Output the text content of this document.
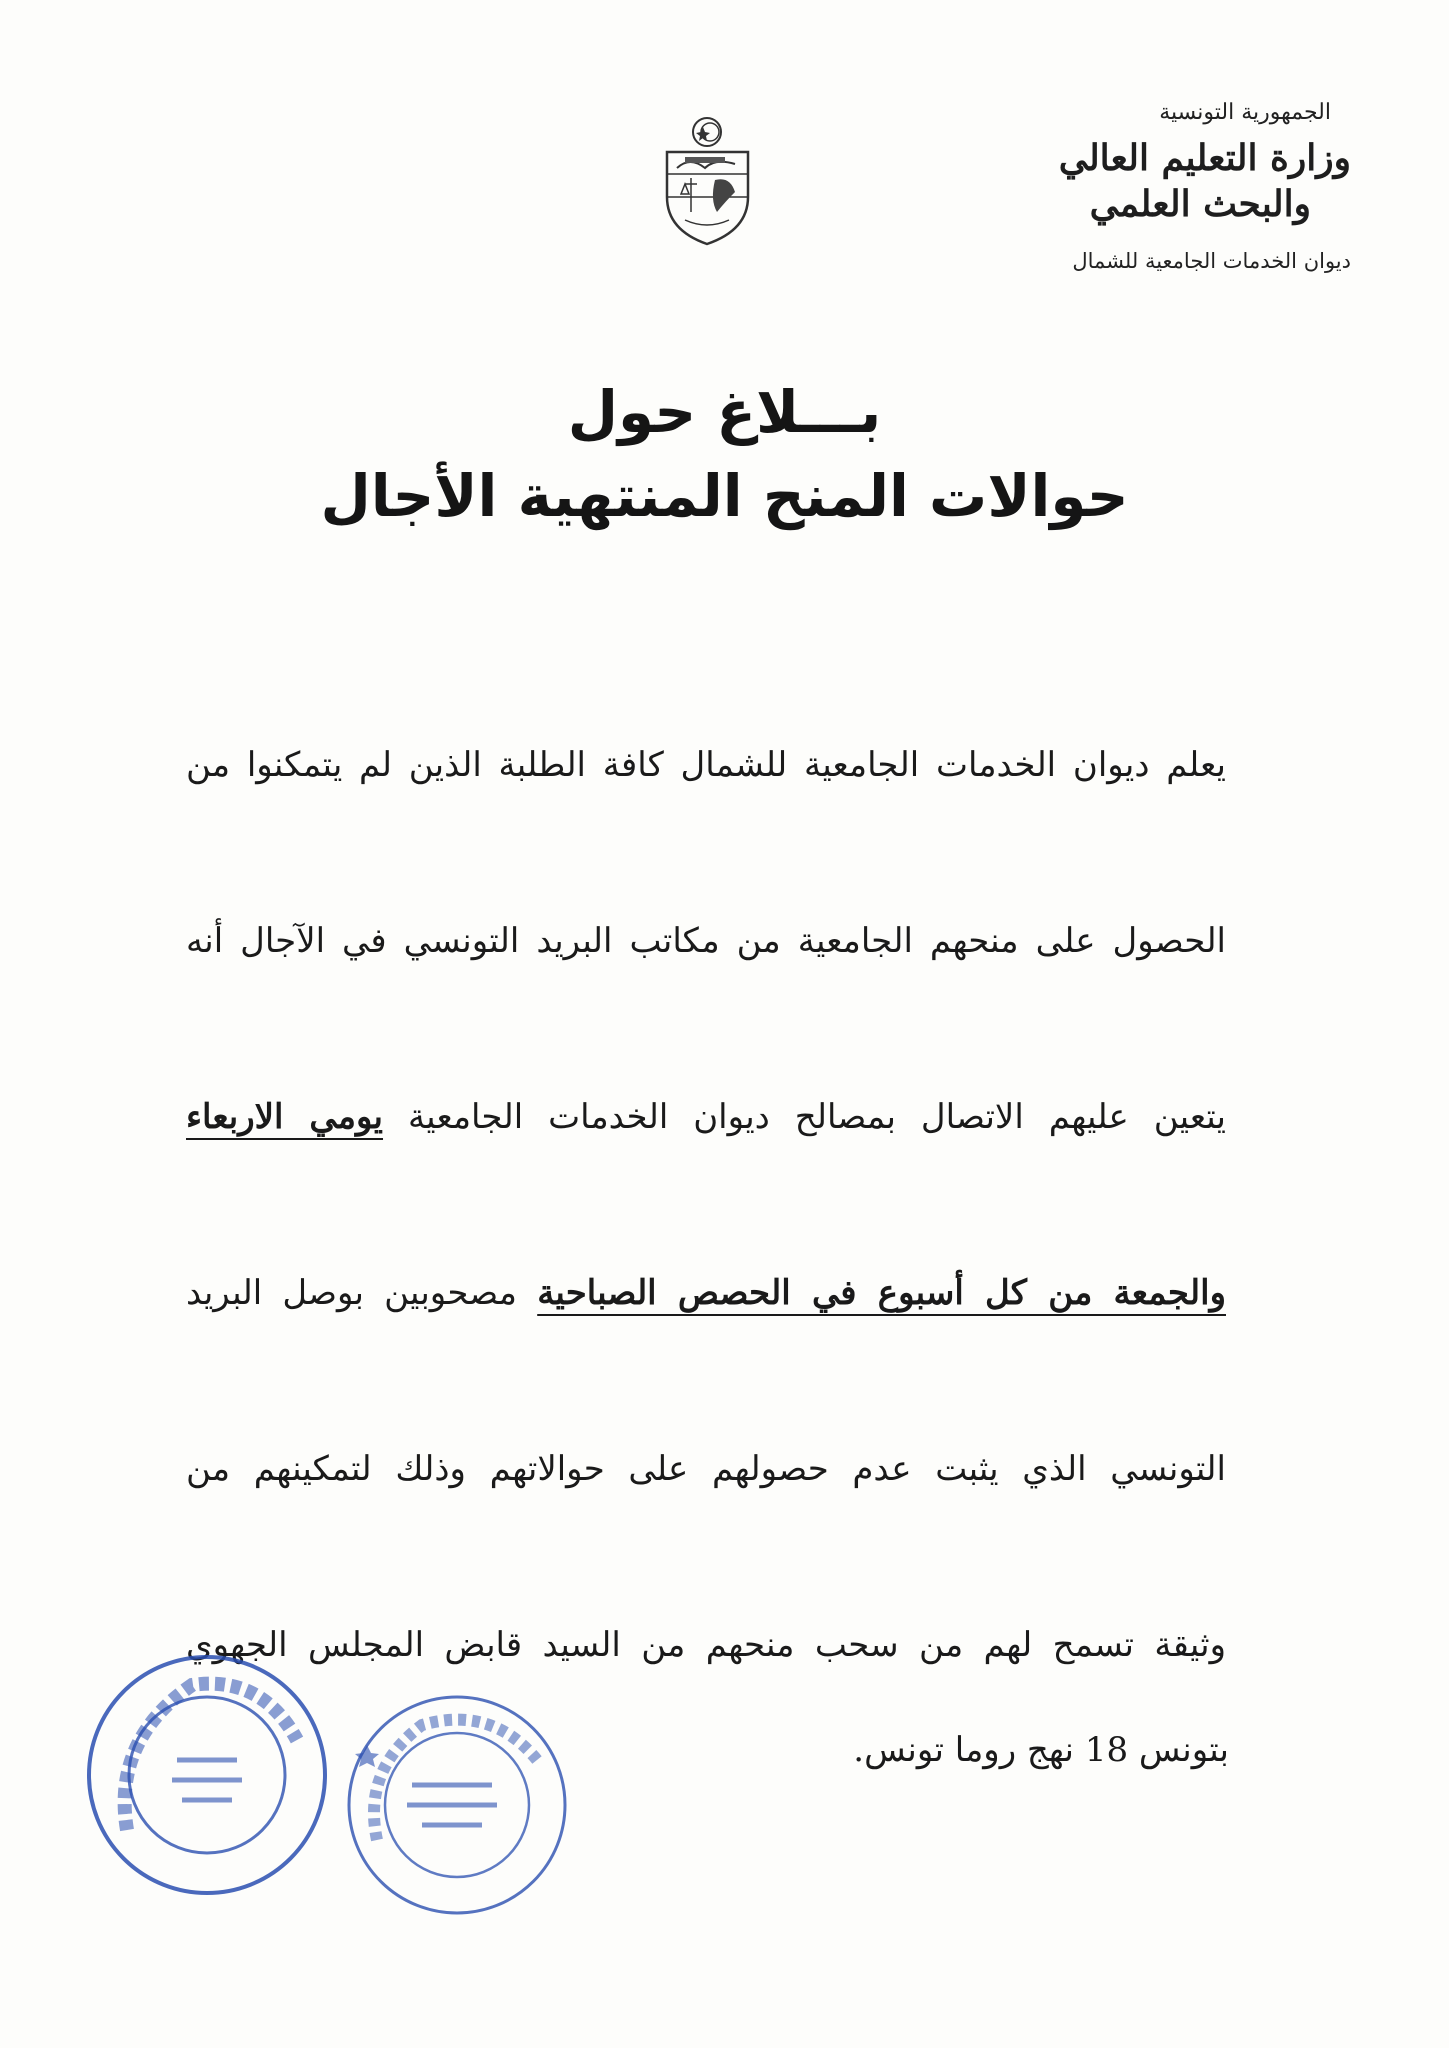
الجمهورية التونسية
وزارة التعليم العالي
والبحث العلمي
ديوان الخدمات الجامعية للشمال
بـــلاغ حول
حوالات المنح المنتهية الأجال
يعلم ديوان الخدمات الجامعية للشمال كافة الطلبة الذين لم يتمكنوا من
الحصول على منحهم الجامعية من مكاتب البريد التونسي في الآجال أنه
يتعين عليهم الاتصال بمصالح ديوان الخدمات الجامعية يومي الاربعاء
والجمعة من كل أسبوع في الحصص الصباحية مصحوبين بوصل البريد
التونسي الذي يثبت عدم حصولهم على حوالاتهم وذلك لتمكينهم من
وثيقة تسمح لهم من سحب منحهم من السيد قابض المجلس الجهوي
بتونس 18 نهج روما تونس.
